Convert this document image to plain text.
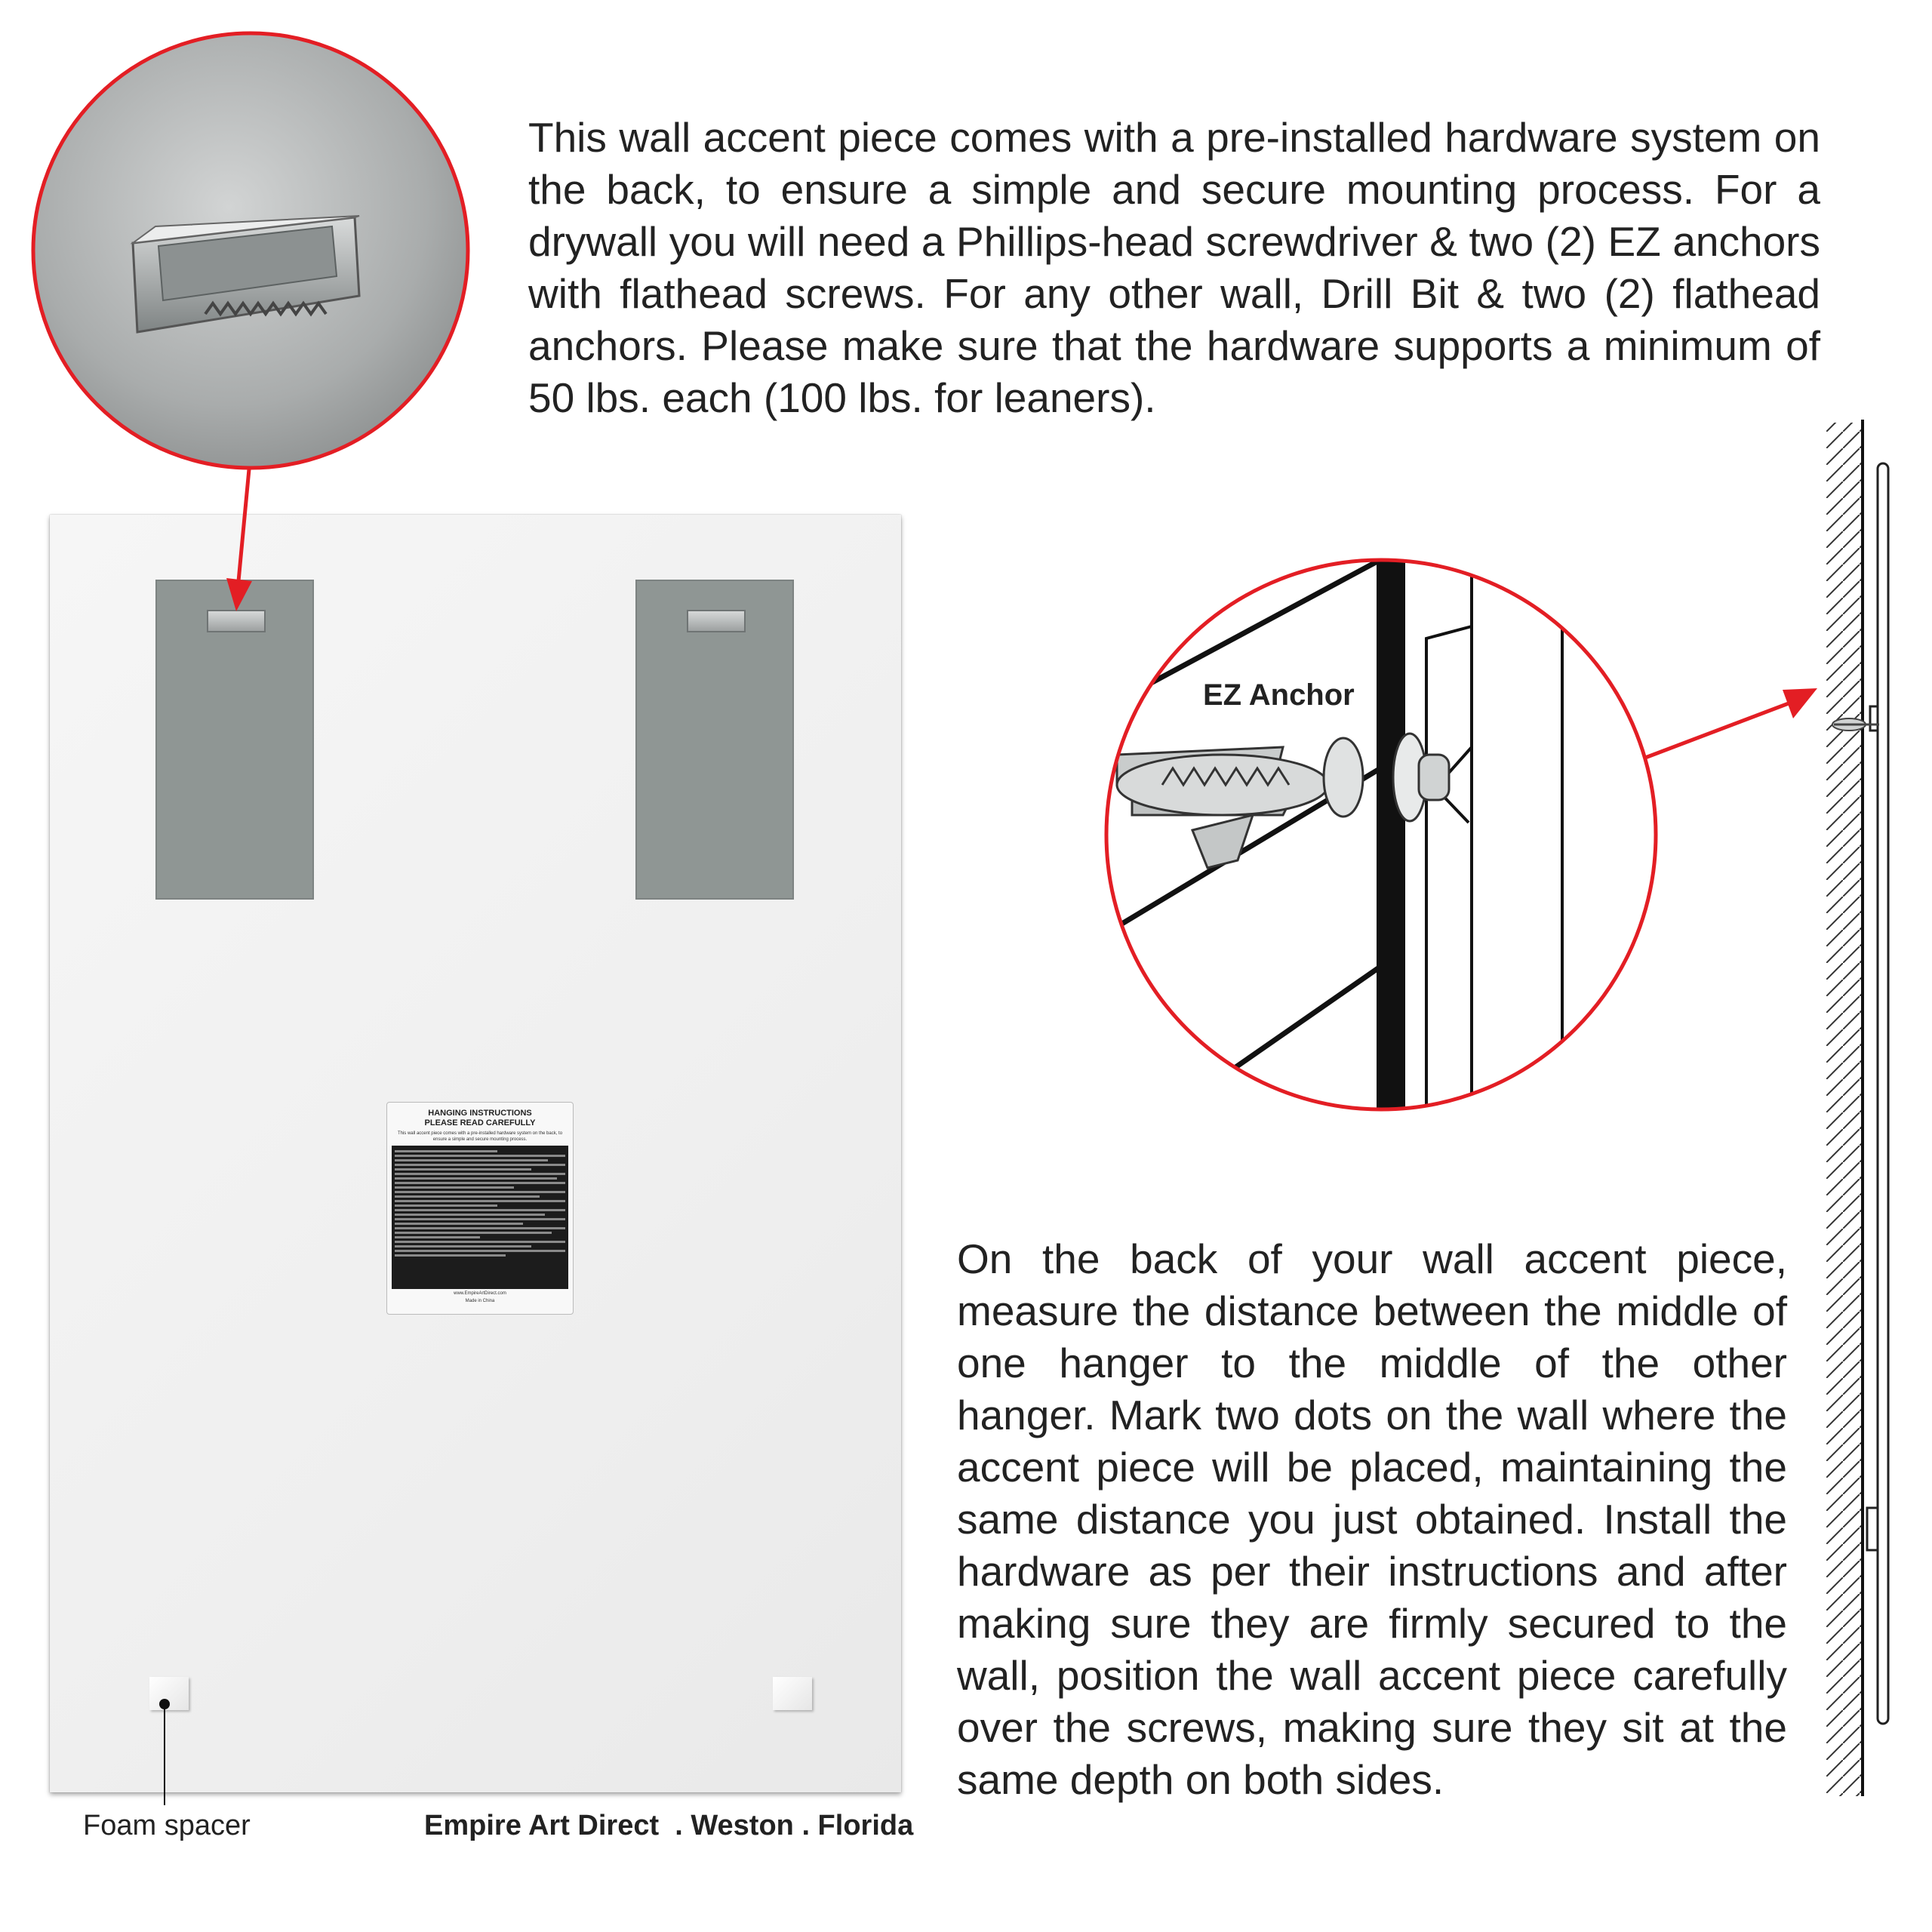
This wall accent piece comes with a pre-installed hardware system on the back, to ensure a simple and secure mounting process. For a drywall you will need a Phillips-head screwdriver & two (2) EZ anchors with flathead screws. For any other wall, Drill Bit & two (2) flathead anchors. Please make sure that the hardware supports a minimum of 50 lbs. each (100 lbs. for leaners).
HANGING INSTRUCTIONS
PLEASE READ CAREFULLY
This wall accent piece comes with a pre-installed hardware system on the back, to ensure a simple and secure mounting process.
www.EmpireArtDirect.com
Made in China
EZ Anchor
On the back of your wall accent piece, measure the distance between the middle of one hanger to the middle of the other hanger. Mark two dots on the wall where the accent piece will be placed, maintaining the same distance you just obtained. Install the hardware as per their instructions and after making sure they are firmly secured to the wall, position the wall accent piece carefully over the screws, making sure they sit at the same depth on both sides.
Foam spacer	Empire Art Direct  . Weston . Florida
